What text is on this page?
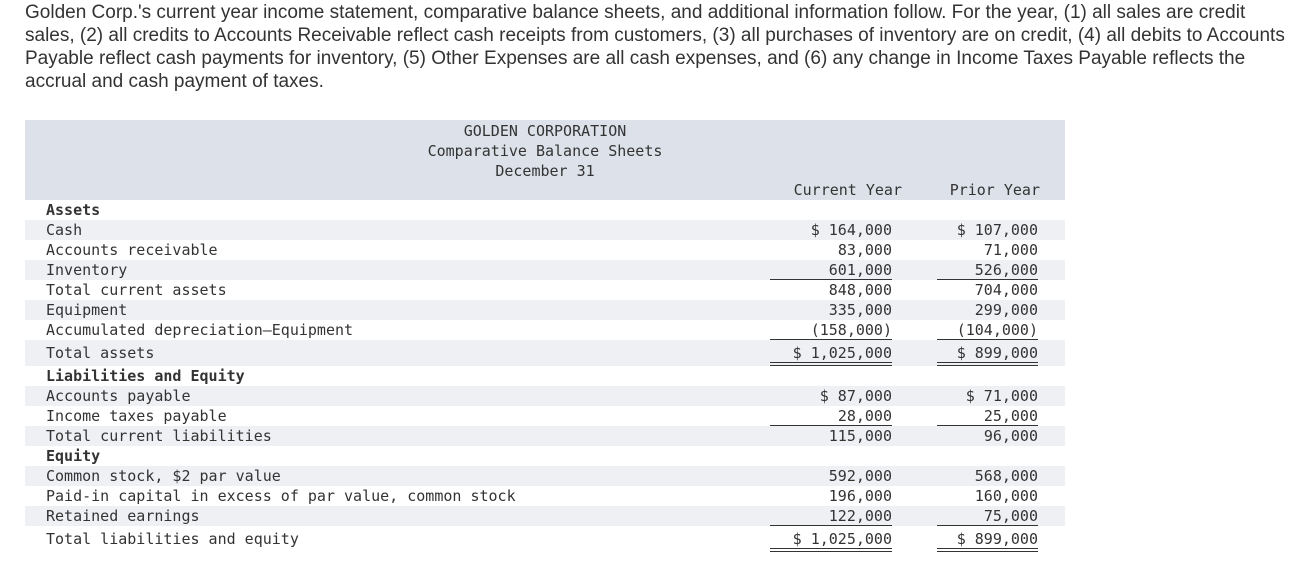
Golden Corp.'s current year income statement, comparative balance sheets, and additional information follow. For the year, (1) all sales are credit sales, (2) all credits to Accounts Receivable reflect cash receipts from customers, (3) all purchases of inventory are on credit, (4) all debits to Accounts Payable reflect cash payments for inventory, (5) Other Expenses are all cash expenses, and (6) any change in Income Taxes Payable reflects the accrual and cash payment of taxes.

GOLDEN CORPORATION
Comparative Balance Sheets
December 31
Current Year	Prior Year
Assets
Cash	$ 164,000	$ 107,000
Accounts receivable	83,000	71,000
Inventory	601,000	526,000
Total current assets	848,000	704,000
Equipment	335,000	299,000
Accumulated depreciation—Equipment	(158,000)	(104,000)
Total assets	$ 1,025,000	$ 899,000
Liabilities and Equity
Accounts payable	$ 87,000	$ 71,000
Income taxes payable	28,000	25,000
Total current liabilities	115,000	96,000
Equity
Common stock, $2 par value	592,000	568,000
Paid-in capital in excess of par value, common stock	196,000	160,000
Retained earnings	122,000	75,000
Total liabilities and equity	$ 1,025,000	$ 899,000
